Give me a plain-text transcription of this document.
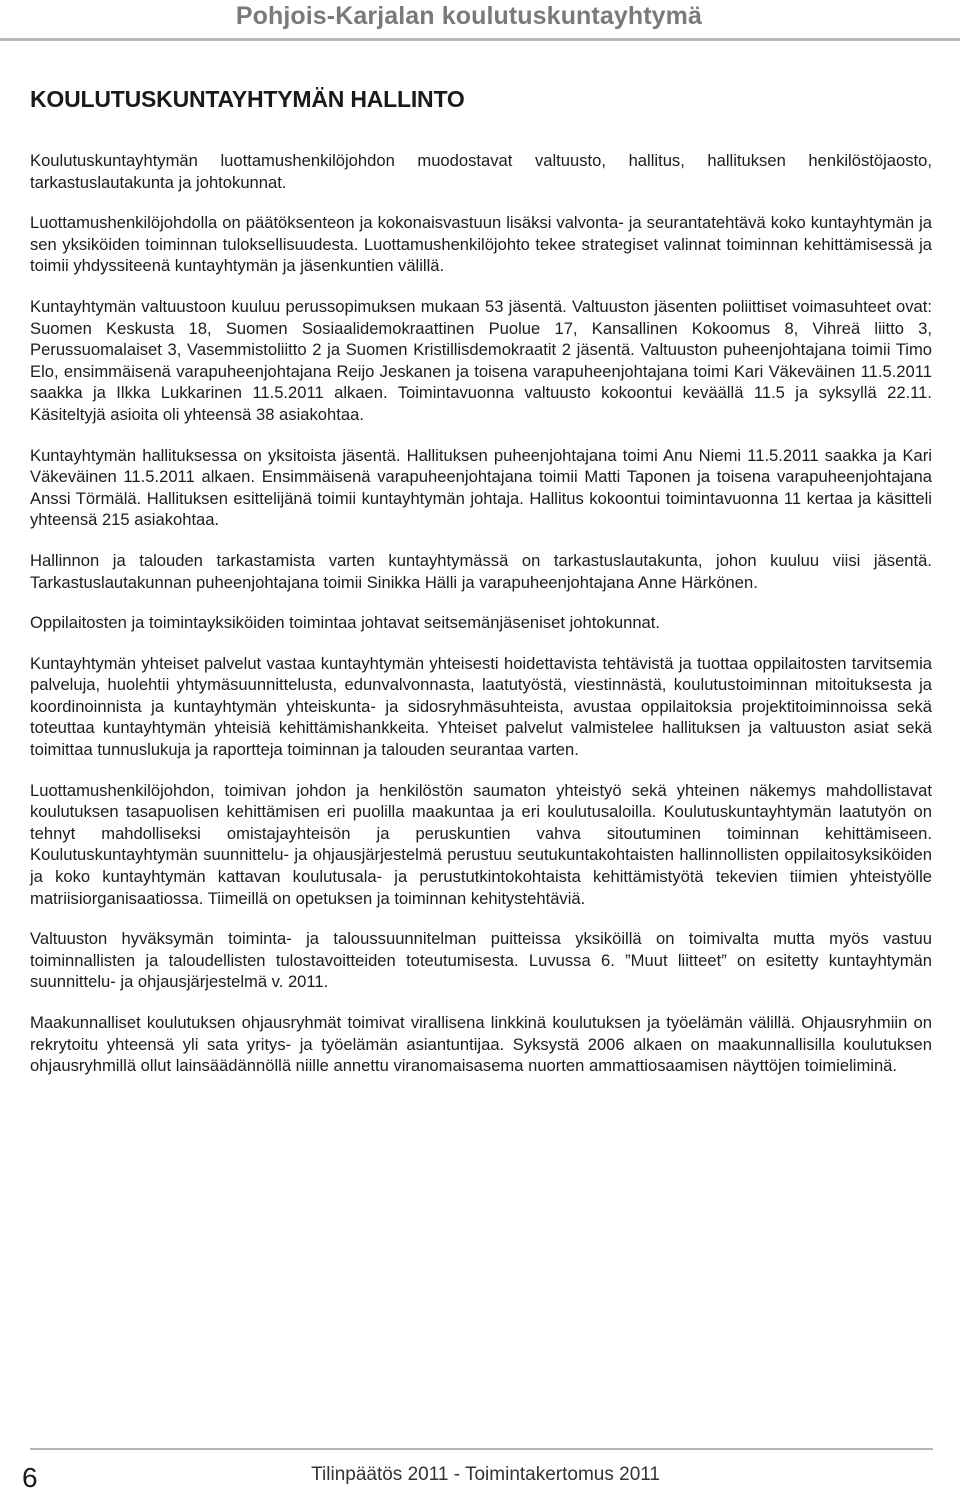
Pohjois-Karjalan koulutuskuntayhtymä
KOULUTUSKUNTAYHTYMÄN HALLINTO

Koulutuskuntayhtymän luottamushenkilöjohdon muodostavat valtuusto, hallitus, hallituksen henkilöstöjaosto, tarkastuslautakunta ja johtokunnat.

Luottamushenkilöjohdolla on päätöksenteon ja kokonaisvastuun lisäksi valvonta- ja seurantatehtävä koko kuntayhtymän ja sen yksiköiden toiminnan tuloksellisuudesta. Luottamushenkilöjohto tekee strategiset valinnat toiminnan kehittämisessä ja toimii yhdyssiteenä kuntayhtymän ja jäsenkuntien välillä.

Kuntayhtymän valtuustoon kuuluu perussopimuksen mukaan 53 jäsentä. Valtuuston jäsenten poliittiset voimasuhteet ovat: Suomen Keskusta 18, Suomen Sosiaalidemokraattinen Puolue 17, Kansallinen Kokoomus 8, Vihreä liitto 3, Perussuomalaiset 3, Vasemmistoliitto 2 ja Suomen Kristillisdemokraatit 2 jäsentä. Valtuuston puheenjohtajana toimii Timo Elo, ensimmäisenä varapuheenjohtajana Reijo Jeskanen ja toisena varapuheenjohtajana toimi Kari Väkeväinen 11.5.2011 saakka ja Ilkka Lukkarinen 11.5.2011 alkaen. Toimintavuonna valtuusto kokoontui keväällä 11.5 ja syksyllä 22.11. Käsiteltyjä asioita oli yhteensä 38 asiakohtaa.

Kuntayhtymän hallituksessa on yksitoista jäsentä. Hallituksen puheenjohtajana toimi Anu Niemi 11.5.2011 saakka ja Kari Väkeväinen 11.5.2011 alkaen. Ensimmäisenä varapuheenjohtajana toimii Matti Taponen ja toisena varapuheenjohtajana Anssi Törmälä. Hallituksen esittelijänä toimii kuntayhtymän johtaja. Hallitus kokoontui toimintavuonna 11 kertaa ja käsitteli yhteensä 215 asiakohtaa.

Hallinnon ja talouden tarkastamista varten kuntayhtymässä on tarkastuslautakunta, johon kuuluu viisi jäsentä. Tarkastuslautakunnan puheenjohtajana toimii Sinikka Hälli ja varapuheenjohtajana Anne Härkönen.

Oppilaitosten ja toimintayksiköiden toimintaa johtavat seitsemänjäseniset johtokunnat.

Kuntayhtymän yhteiset palvelut vastaa kuntayhtymän yhteisesti hoidettavista tehtävistä ja tuottaa oppilaitosten tarvitsemia palveluja, huolehtii yhtymäsuunnittelusta, edunvalvonnasta, laatutyöstä, viestinnästä, koulutustoiminnan mitoituksesta ja koordinoinnista ja kuntayhtymän yhteiskunta- ja sidosryhmäsuhteista, avustaa oppilaitoksia projektitoiminnoissa sekä toteuttaa kuntayhtymän yhteisiä kehittämishankkeita. Yhteiset palvelut valmistelee hallituksen ja valtuuston asiat sekä toimittaa tunnuslukuja ja raportteja toiminnan ja talouden seurantaa varten.

Luottamushenkilöjohdon, toimivan johdon ja henkilöstön saumaton yhteistyö sekä yhteinen näkemys mahdollistavat koulutuksen tasapuolisen kehittämisen eri puolilla maakuntaa ja eri koulutusaloilla. Koulutuskuntayhtymän laatutyön on tehnyt mahdolliseksi omistajayhteisön ja peruskuntien vahva sitoutuminen toiminnan kehittämiseen. Koulutuskuntayhtymän suunnittelu- ja ohjausjärjestelmä perustuu seutukuntakohtaisten hallinnollisten oppilaitosyksiköiden ja koko kuntayhtymän kattavan koulutusala- ja perustutkintokohtaista kehittämistyötä tekevien tiimien yhteistyölle matriisiorganisaatiossa. Tiimeillä on opetuksen ja toiminnan kehitystehtäviä.

Valtuuston hyväksymän toiminta- ja taloussuunnitelman puitteissa yksiköillä on toimivalta mutta myös vastuu toiminnallisten ja taloudellisten tulostavoitteiden toteutumisesta. Luvussa 6. ”Muut liitteet” on esitetty kuntayhtymän suunnittelu- ja ohjausjärjestelmä v. 2011.

Maakunnalliset koulutuksen ohjausryhmät toimivat virallisena linkkinä koulutuksen ja työelämän välillä. Ohjausryhmiin on rekrytoitu yhteensä yli sata yritys- ja työelämän asiantuntijaa. Syksystä 2006 alkaen on maakunnallisilla koulutuksen ohjausryhmillä ollut lainsäädännöllä niille annettu viranomaisasema nuorten ammattiosaamisen näyttöjen toimieliminä.

6	Tilinpäätös 2011 - Toimintakertomus 2011
